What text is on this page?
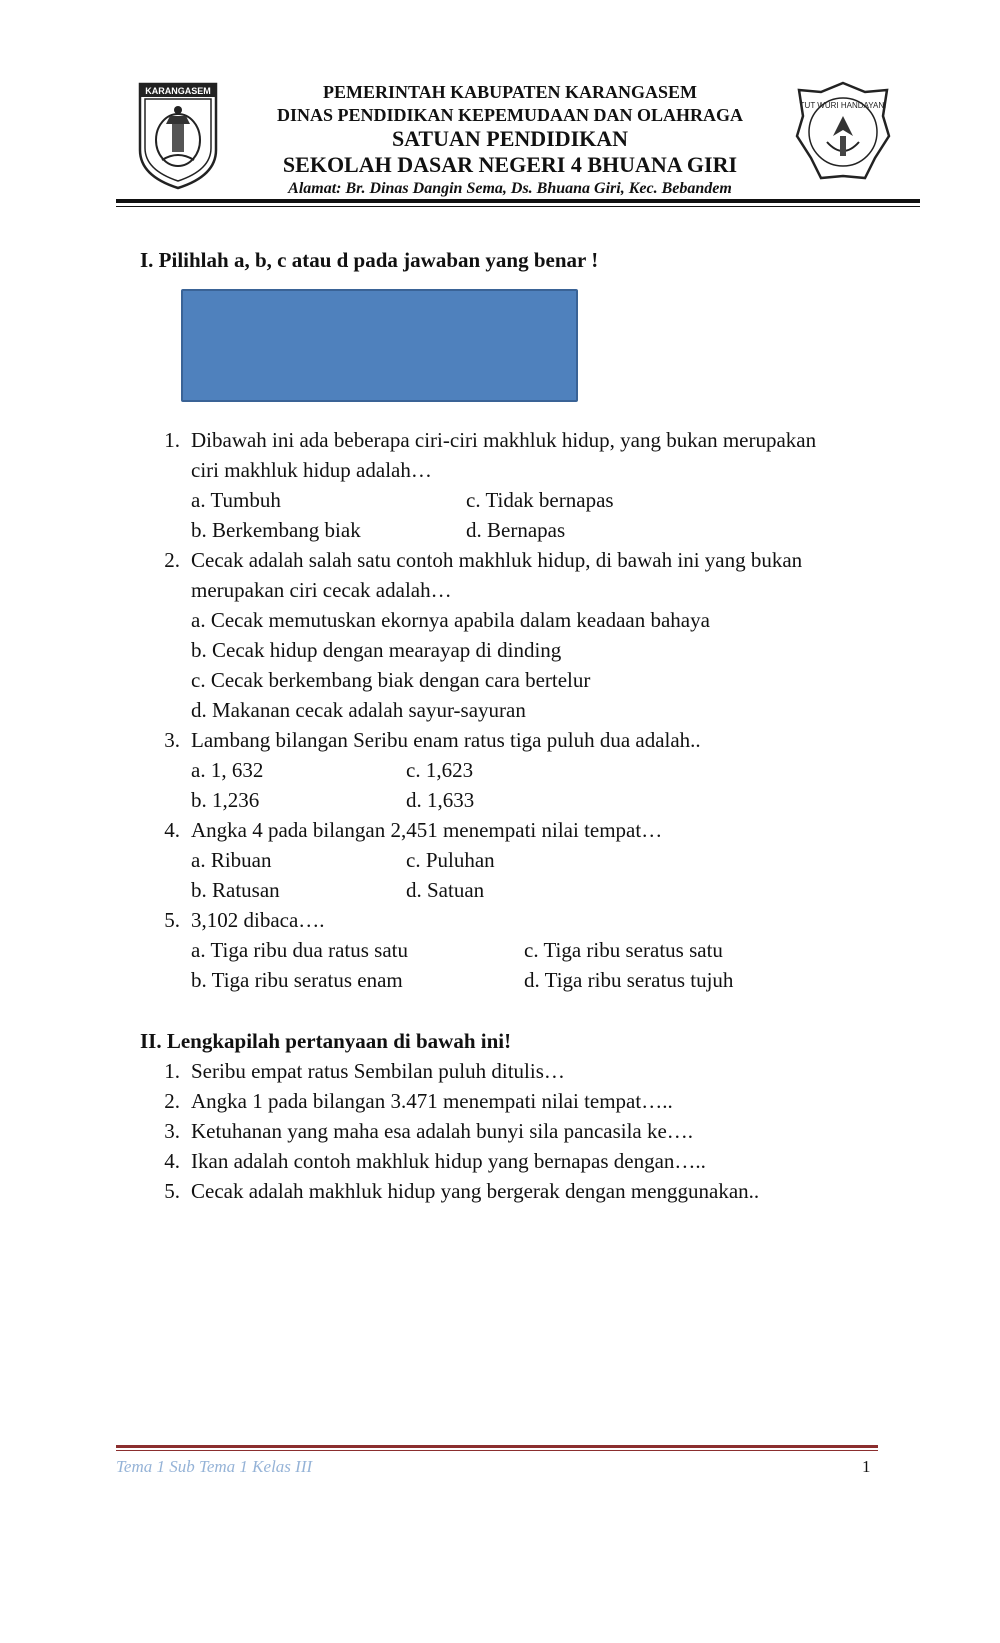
KARANGASEM	PEMERINTAH KABUPATEN KARANGASEM
DINAS PENDIDIKAN KEPEMUDAAN DAN OLAHRAGA
SATUAN PENDIDIKAN
SEKOLAH DASAR NEGERI 4 BHUANA GIRI
Alamat: Br. Dinas Dangin Sema, Ds. Bhuana Giri, Kec. Bebandem
TUT WURI HANDAYANI
I. Pilihlah a, b, c atau d pada jawaban yang benar !
1. Dibawah ini ada beberapa ciri-ciri makhluk hidup, yang bukan merupakan
ciri makhluk hidup adalah…
a. Tumbuh	c. Tidak bernapas
b. Berkembang biak	d. Bernapas
2. Cecak adalah salah satu contoh makhluk hidup, di bawah ini yang bukan
merupakan ciri cecak adalah…
a. Cecak memutuskan ekornya apabila dalam keadaan bahaya
b. Cecak hidup dengan mearayap di dinding
c. Cecak berkembang biak dengan cara bertelur
d. Makanan cecak adalah sayur-sayuran
3. Lambang bilangan Seribu enam ratus tiga puluh dua adalah..
a. 1, 632	c. 1,623
b. 1,236	d. 1,633
4. Angka 4 pada bilangan 2,451 menempati nilai tempat…
a. Ribuan	c. Puluhan
b. Ratusan	d. Satuan
5. 3,102 dibaca….
a. Tiga ribu dua ratus satu	c. Tiga ribu seratus satu
b. Tiga ribu seratus enam	d. Tiga ribu seratus tujuh
II. Lengkapilah pertanyaan di bawah ini!
1. Seribu empat ratus Sembilan puluh ditulis…
2. Angka 1 pada bilangan 3.471 menempati nilai tempat…..
3. Ketuhanan yang maha esa adalah bunyi sila pancasila ke….
4. Ikan adalah contoh makhluk hidup yang bernapas dengan…..
5. Cecak adalah makhluk hidup yang bergerak dengan menggunakan..
Tema 1 Sub Tema 1 Kelas III	1
